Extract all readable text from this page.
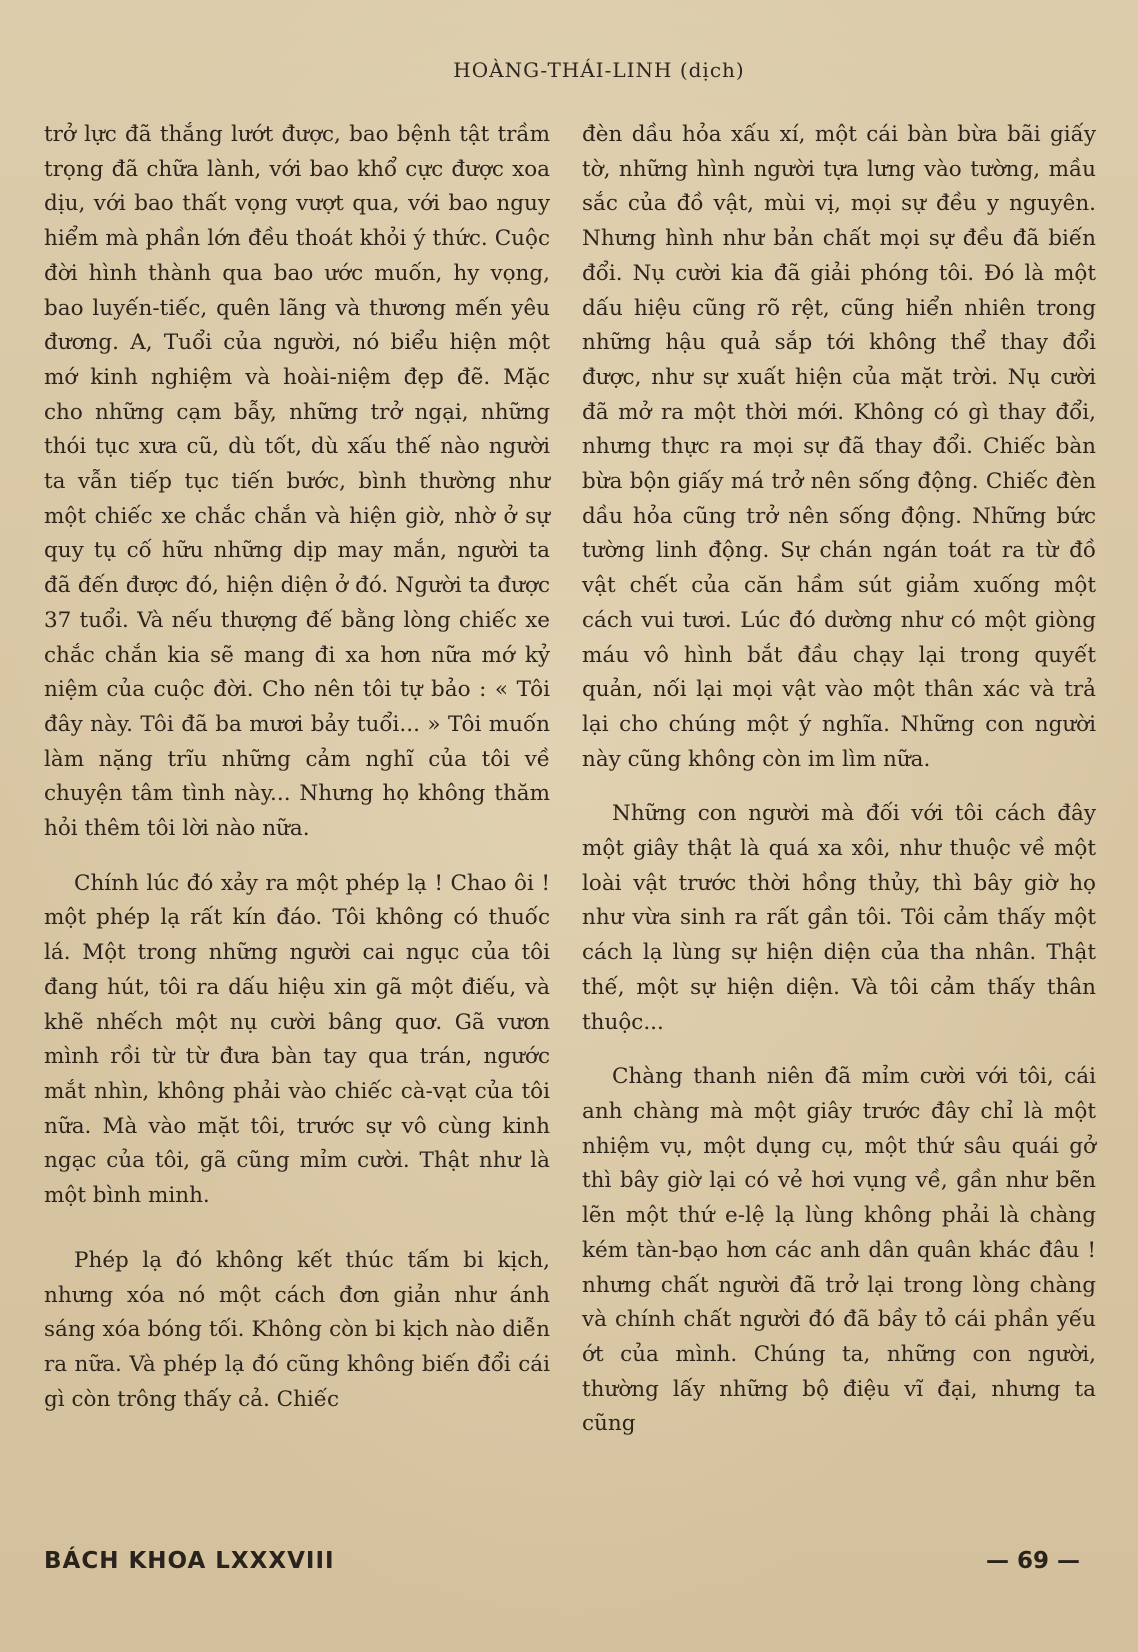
HOÀNG-THÁI-LINH (dịch)

trở lực đã thắng lướt được, bao bệnh tật trầm trọng đã chữa lành, với bao khổ cực được xoa dịu, với bao thất vọng vượt qua, với bao nguy hiểm mà phần lớn đều thoát khỏi ý thức. Cuộc đời hình thành qua bao ước muốn, hy vọng, bao luyến-tiếc, quên lãng và thương mến yêu đương. A, Tuổi của người, nó biểu hiện một mớ kinh nghiệm và hoài-niệm đẹp đẽ. Mặc cho những cạm bẫy, những trở ngại, những thói tục xưa cũ, dù tốt, dù xấu thế nào người ta vẫn tiếp tục tiến bước, bình thường như một chiếc xe chắc chắn và hiện giờ, nhờ ở sự quy tụ cố hữu những dịp may mắn, người ta đã đến được đó, hiện diện ở đó. Người ta được 37 tuổi. Và nếu thượng đế bằng lòng chiếc xe chắc chắn kia sẽ mang đi xa hơn nữa mớ kỷ niệm của cuộc đời. Cho nên tôi tự bảo : « Tôi đây này. Tôi đã ba mươi bảy tuổi... » Tôi muốn làm nặng trĩu những cảm nghĩ của tôi về chuyện tâm tình này... Nhưng họ không thăm hỏi thêm tôi lời nào nữa.

Chính lúc đó xảy ra một phép lạ ! Chao ôi ! một phép lạ rất kín đáo. Tôi không có thuốc lá. Một trong những người cai ngục của tôi đang hút, tôi ra dấu hiệu xin gã một điếu, và khẽ nhếch một nụ cười bâng quơ. Gã vươn mình rồi từ từ đưa bàn tay qua trán, ngước mắt nhìn, không phải vào chiếc cà-vạt của tôi nữa. Mà vào mặt tôi, trước sự vô cùng kinh ngạc của tôi, gã cũng mỉm cười. Thật như là một bình minh.

Phép lạ đó không kết thúc tấm bi kịch, nhưng xóa nó một cách đơn giản như ánh sáng xóa bóng tối. Không còn bi kịch nào diễn ra nữa. Và phép lạ đó cũng không biến đổi cái gì còn trông thấy cả. Chiếc

đèn dầu hỏa xấu xí, một cái bàn bừa bãi giấy tờ, những hình người tựa lưng vào tường, mầu sắc của đồ vật, mùi vị, mọi sự đều y nguyên. Nhưng hình như bản chất mọi sự đều đã biến đổi. Nụ cười kia đã giải phóng tôi. Đó là một dấu hiệu cũng rõ rệt, cũng hiển nhiên trong những hậu quả sắp tới không thể thay đổi được, như sự xuất hiện của mặt trời. Nụ cười đã mở ra một thời mới. Không có gì thay đổi, nhưng thực ra mọi sự đã thay đổi. Chiếc bàn bừa bộn giấy má trở nên sống động. Chiếc đèn dầu hỏa cũng trở nên sống động. Những bức tường linh động. Sự chán ngán toát ra từ đồ vật chết của căn hầm sút giảm xuống một cách vui tươi. Lúc đó dường như có một giòng máu vô hình bắt đầu chạy lại trong quyết quản, nối lại mọi vật vào một thân xác và trả lại cho chúng một ý nghĩa. Những con người này cũng không còn im lìm nữa.

Những con người mà đối với tôi cách đây một giây thật là quá xa xôi, như thuộc về một loài vật trước thời hồng thủy, thì bây giờ họ như vừa sinh ra rất gần tôi. Tôi cảm thấy một cách lạ lùng sự hiện diện của tha nhân. Thật thế, một sự hiện diện. Và tôi cảm thấy thân thuộc...

Chàng thanh niên đã mỉm cười với tôi, cái anh chàng mà một giây trước đây chỉ là một nhiệm vụ, một dụng cụ, một thứ sâu quái gở thì bây giờ lại có vẻ hơi vụng về, gần như bẽn lẽn một thứ e-lệ lạ lùng không phải là chàng kém tàn-bạo hơn các anh dân quân khác đâu ! nhưng chất người đã trở lại trong lòng chàng và chính chất người đó đã bầy tỏ cái phần yếu ớt của mình. Chúng ta, những con người, thường lấy những bộ điệu vĩ đại, nhưng ta cũng

BÁCH KHOA LXXXVIII	— 69 —
